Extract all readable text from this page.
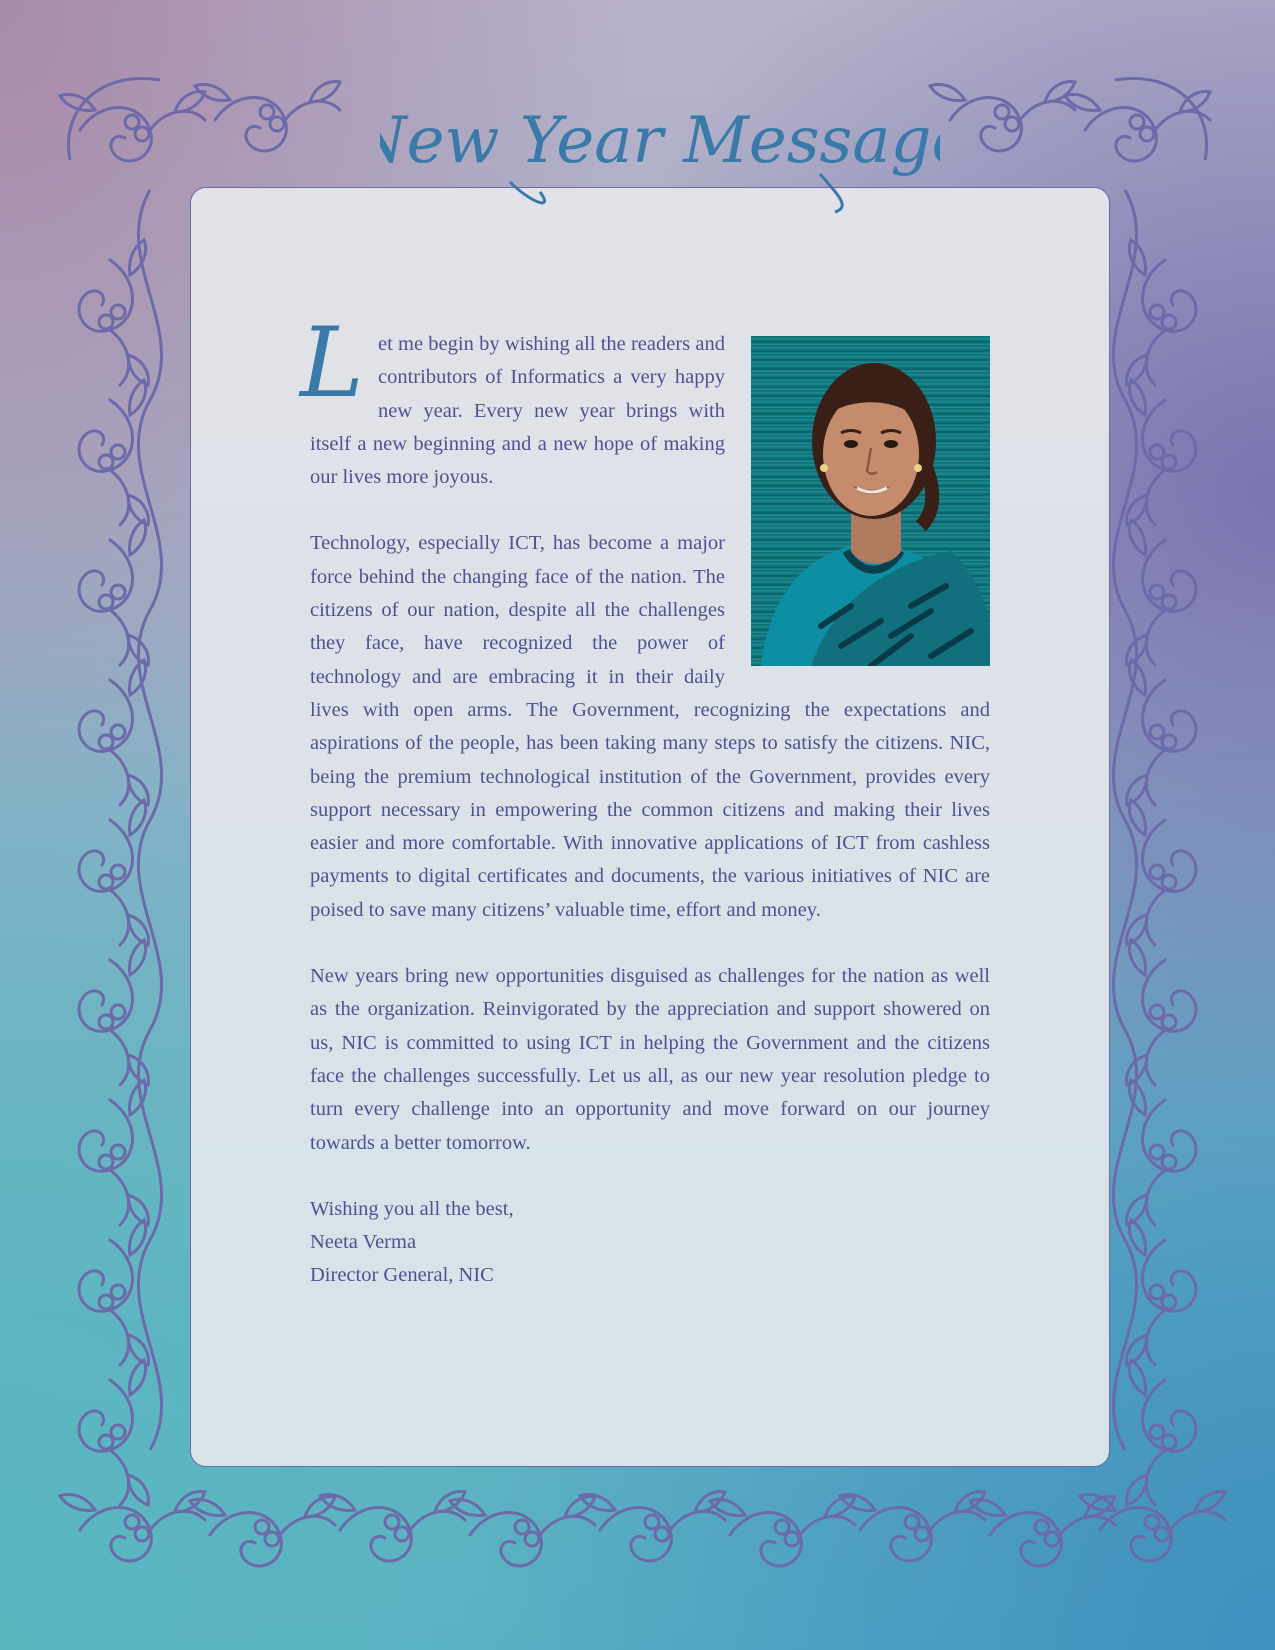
New Year Message
L et me begin by wishing all the readers and contributors of Informatics a very happy new year. Every new year brings with itself a new beginning and a new hope of making our lives more joyous.

Technology, especially ICT, has become a major force behind the changing face of the nation. The citizens of our nation, despite all the challenges they face, have recognized the power of technology and are embracing it in their daily lives with open arms. The Government, recognizing the expectations and aspirations of the people, has been taking many steps to satisfy the citizens. NIC, being the premium technological institution of the Government, provides every support necessary in empowering the common citizens and making their lives easier and more comfortable. With innovative applications of ICT from cashless payments to digital certificates and documents, the various initiatives of NIC are poised to save many citizens’ valuable time, effort and money.

New years bring new opportunities disguised as challenges for the nation as well as the organization. Reinvigorated by the appreciation and support showered on us, NIC is committed to using ICT in helping the Government and the citizens face the challenges successfully. Let us all, as our new year resolution pledge to turn every challenge into an opportunity and move forward on our journey towards a better tomorrow.

Wishing you all the best,

Neeta Verma
Director General, NIC
